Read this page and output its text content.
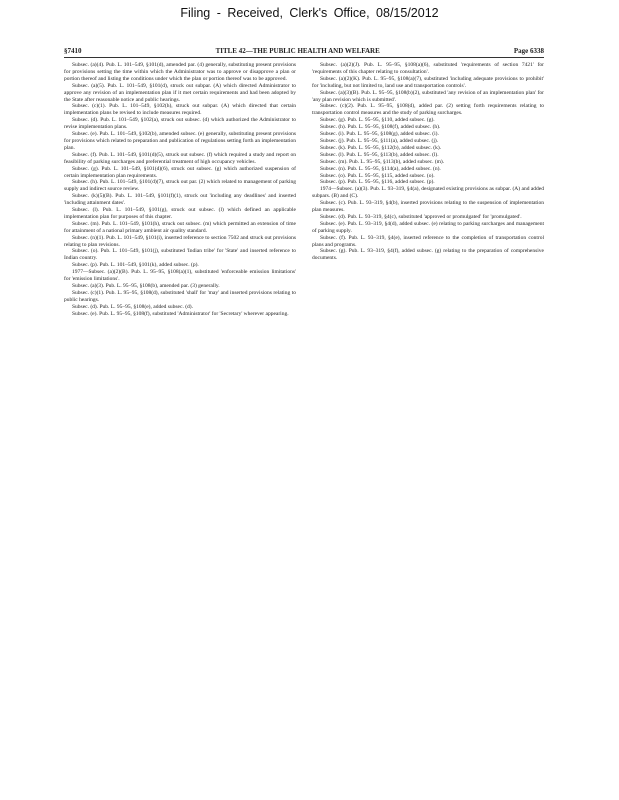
Filing - Received, Clerk's Office, 08/15/2012
§7410	TITLE 42—THE PUBLIC HEALTH AND WELFARE	Page 6338

Subsec. (a)(4). Pub. L. 101–549, §101(d), amended par. (4) generally, substituting present provisions for provisions setting the time within which the Administrator was to approve or disapprove a plan or portion thereof and listing the conditions under which the plan or portion thereof was to be approved.

Subsec. (a)(5). Pub. L. 101–549, §101(d), struck out subpar. (A) which directed Administrator to approve any revision of an implementation plan if it met certain requirements and had been adopted by the State after reasonable notice and public hearings.

Subsec. (c)(1). Pub. L. 101–549, §102(h), struck out subpar. (A) which directed that certain implementation plans be revised to include measures required.

Subsec. (d). Pub. L. 101–549, §102(a), struck out subsec. (d) which authorized the Administrator to revise implementation plans.

Subsec. (e). Pub. L. 101–549, §102(b), amended subsec. (e) generally, substituting present provisions for provisions which related to preparation and publication of regulations setting forth an implementation plan.

Subsec. (f). Pub. L. 101–549, §101(d)(5), struck out subsec. (f) which required a study and report on feasibility of parking surcharges and preferential treatment of high occupancy vehicles.

Subsec. (g). Pub. L. 101–549, §101(d)(6), struck out subsec. (g) which authorized suspension of certain implementation plan requirements.

Subsec. (h). Pub. L. 101–549, §101(d)(7), struck out par. (2) which related to management of parking supply and indirect source review.

Subsec. (k)(5)(B). Pub. L. 101–549, §101(f)(1), struck out 'including any deadlines' and inserted 'including attainment dates'.

Subsec. (l). Pub. L. 101–549, §101(g), struck out subsec. (l) which defined an applicable implementation plan for purposes of this chapter.

Subsec. (m). Pub. L. 101–549, §101(h), struck out subsec. (m) which permitted an extension of time for attainment of a national primary ambient air quality standard.

Subsec. (n)(1). Pub. L. 101–549, §101(i), inserted reference to section 7502 and struck out provisions relating to plan revisions.

Subsec. (o). Pub. L. 101–549, §101(j), substituted 'Indian tribe' for 'State' and inserted reference to Indian country.

Subsec. (p). Pub. L. 101–549, §101(k), added subsec. (p).

1977—Subsec. (a)(2)(B). Pub. L. 95–95, §108(a)(1), substituted 'enforceable emission limitations' for 'emission limitations'.

Subsec. (a)(3). Pub. L. 95–95, §108(b), amended par. (3) generally.

Subsec. (c)(1). Pub. L. 95–95, §108(d), substituted 'shall' for 'may' and inserted provisions relating to public hearings.

Subsec. (d). Pub. L. 95–95, §108(e), added subsec. (d).

Subsec. (e). Pub. L. 95–95, §108(f), substituted 'Administrator' for 'Secretary' wherever appearing.

Subsec. (a)(2)(J). Pub. L. 95–95, §108(a)(6), substituted 'requirements of section 7421' for 'requirements of this chapter relating to consultation'.

Subsec. (a)(2)(K). Pub. L. 95–95, §108(a)(7), substituted 'including adequate provisions to prohibit' for 'including, but not limited to, land use and transportation controls'.

Subsec. (a)(3)(B). Pub. L. 95–95, §108(b)(2), substituted 'any revision of an implementation plan' for 'any plan revision which is submitted'.

Subsec. (c)(2). Pub. L. 95–95, §108(d), added par. (2) setting forth requirements relating to transportation control measures and the study of parking surcharges.

Subsec. (g). Pub. L. 95–95, §110, added subsec. (g).

Subsec. (h). Pub. L. 95–95, §108(f), added subsec. (h).

Subsec. (i). Pub. L. 95–95, §108(g), added subsec. (i).

Subsec. (j). Pub. L. 95–95, §111(a), added subsec. (j).

Subsec. (k). Pub. L. 95–95, §112(b), added subsec. (k).

Subsec. (l). Pub. L. 95–95, §113(b), added subsec. (l).

Subsec. (m). Pub. L. 95–95, §113(b), added subsec. (m).

Subsec. (n). Pub. L. 95–95, §114(a), added subsec. (n).

Subsec. (o). Pub. L. 95–95, §115, added subsec. (o).

Subsec. (p). Pub. L. 95–95, §116, added subsec. (p).

1974—Subsec. (a)(3). Pub. L. 93–319, §4(a), designated existing provisions as subpar. (A) and added subpars. (B) and (C).

Subsec. (c). Pub. L. 93–319, §4(b), inserted provisions relating to the suspension of implementation plan measures.

Subsec. (d). Pub. L. 93–319, §4(c), substituted 'approved or promulgated' for 'promulgated'.

Subsec. (e). Pub. L. 93–319, §4(d), added subsec. (e) relating to parking surcharges and management of parking supply.

Subsec. (f). Pub. L. 93–319, §4(e), inserted reference to the completion of transportation control plans and programs.

Subsec. (g). Pub. L. 93–319, §4(f), added subsec. (g) relating to the preparation of comprehensive documents.
